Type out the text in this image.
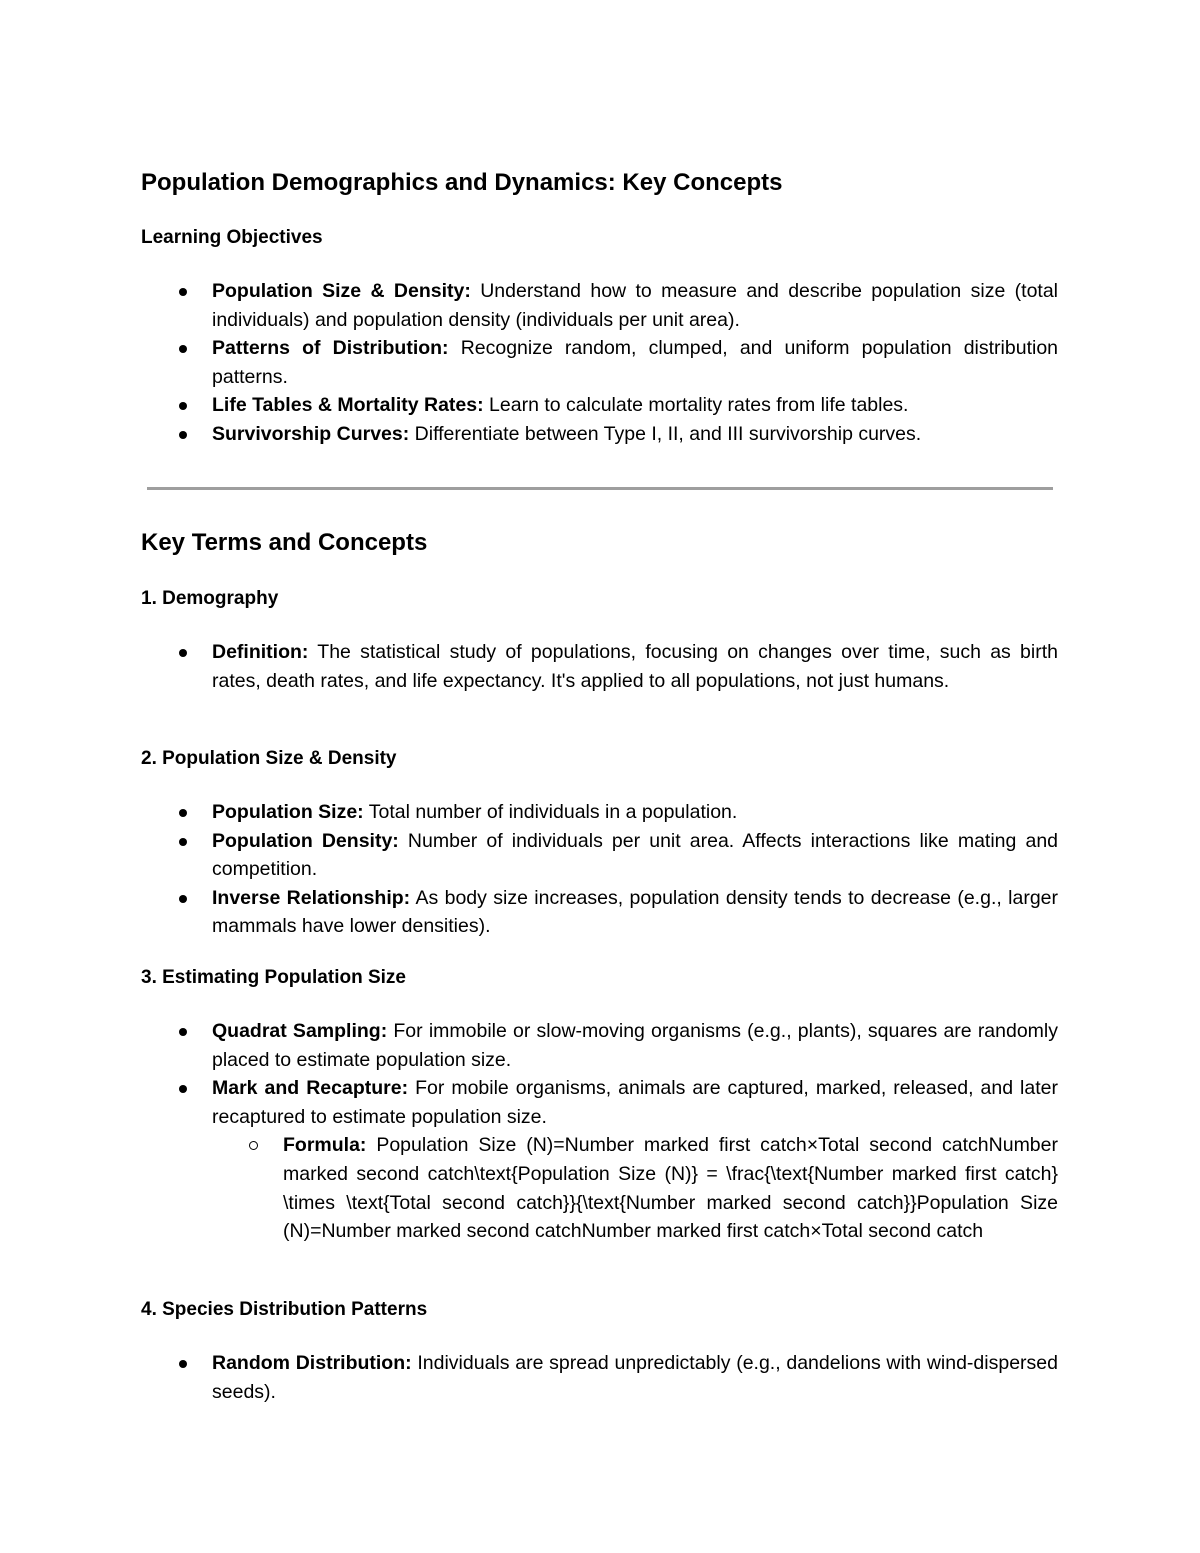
Population Demographics and Dynamics: Key Concepts
Learning Objectives
Population Size & Density: Understand how to measure and describe population size (total individuals) and population density (individuals per unit area).
Patterns of Distribution: Recognize random, clumped, and uniform population distribution patterns.
Life Tables & Mortality Rates: Learn to calculate mortality rates from life tables.
Survivorship Curves: Differentiate between Type I, II, and III survivorship curves.
Key Terms and Concepts
1. Demography
Definition: The statistical study of populations, focusing on changes over time, such as birth rates, death rates, and life expectancy. It's applied to all populations, not just humans.
2. Population Size & Density
Population Size: Total number of individuals in a population.
Population Density: Number of individuals per unit area. Affects interactions like mating and competition.
Inverse Relationship: As body size increases, population density tends to decrease (e.g., larger mammals have lower densities).
3. Estimating Population Size
Quadrat Sampling: For immobile or slow-moving organisms (e.g., plants), squares are randomly placed to estimate population size.
Mark and Recapture: For mobile organisms, animals are captured, marked, released, and later recaptured to estimate population size.
Formula: Population Size (N)=Number marked first catch×Total second catchNumber marked second catch\text{Population Size (N)} = \frac{\text{Number marked first catch} \times \text{Total second catch}}{\text{Number marked second catch}}Population Size (N)=Number marked second catchNumber marked first catch×Total second catch
4. Species Distribution Patterns
Random Distribution: Individuals are spread unpredictably (e.g., dandelions with wind-dispersed seeds).
